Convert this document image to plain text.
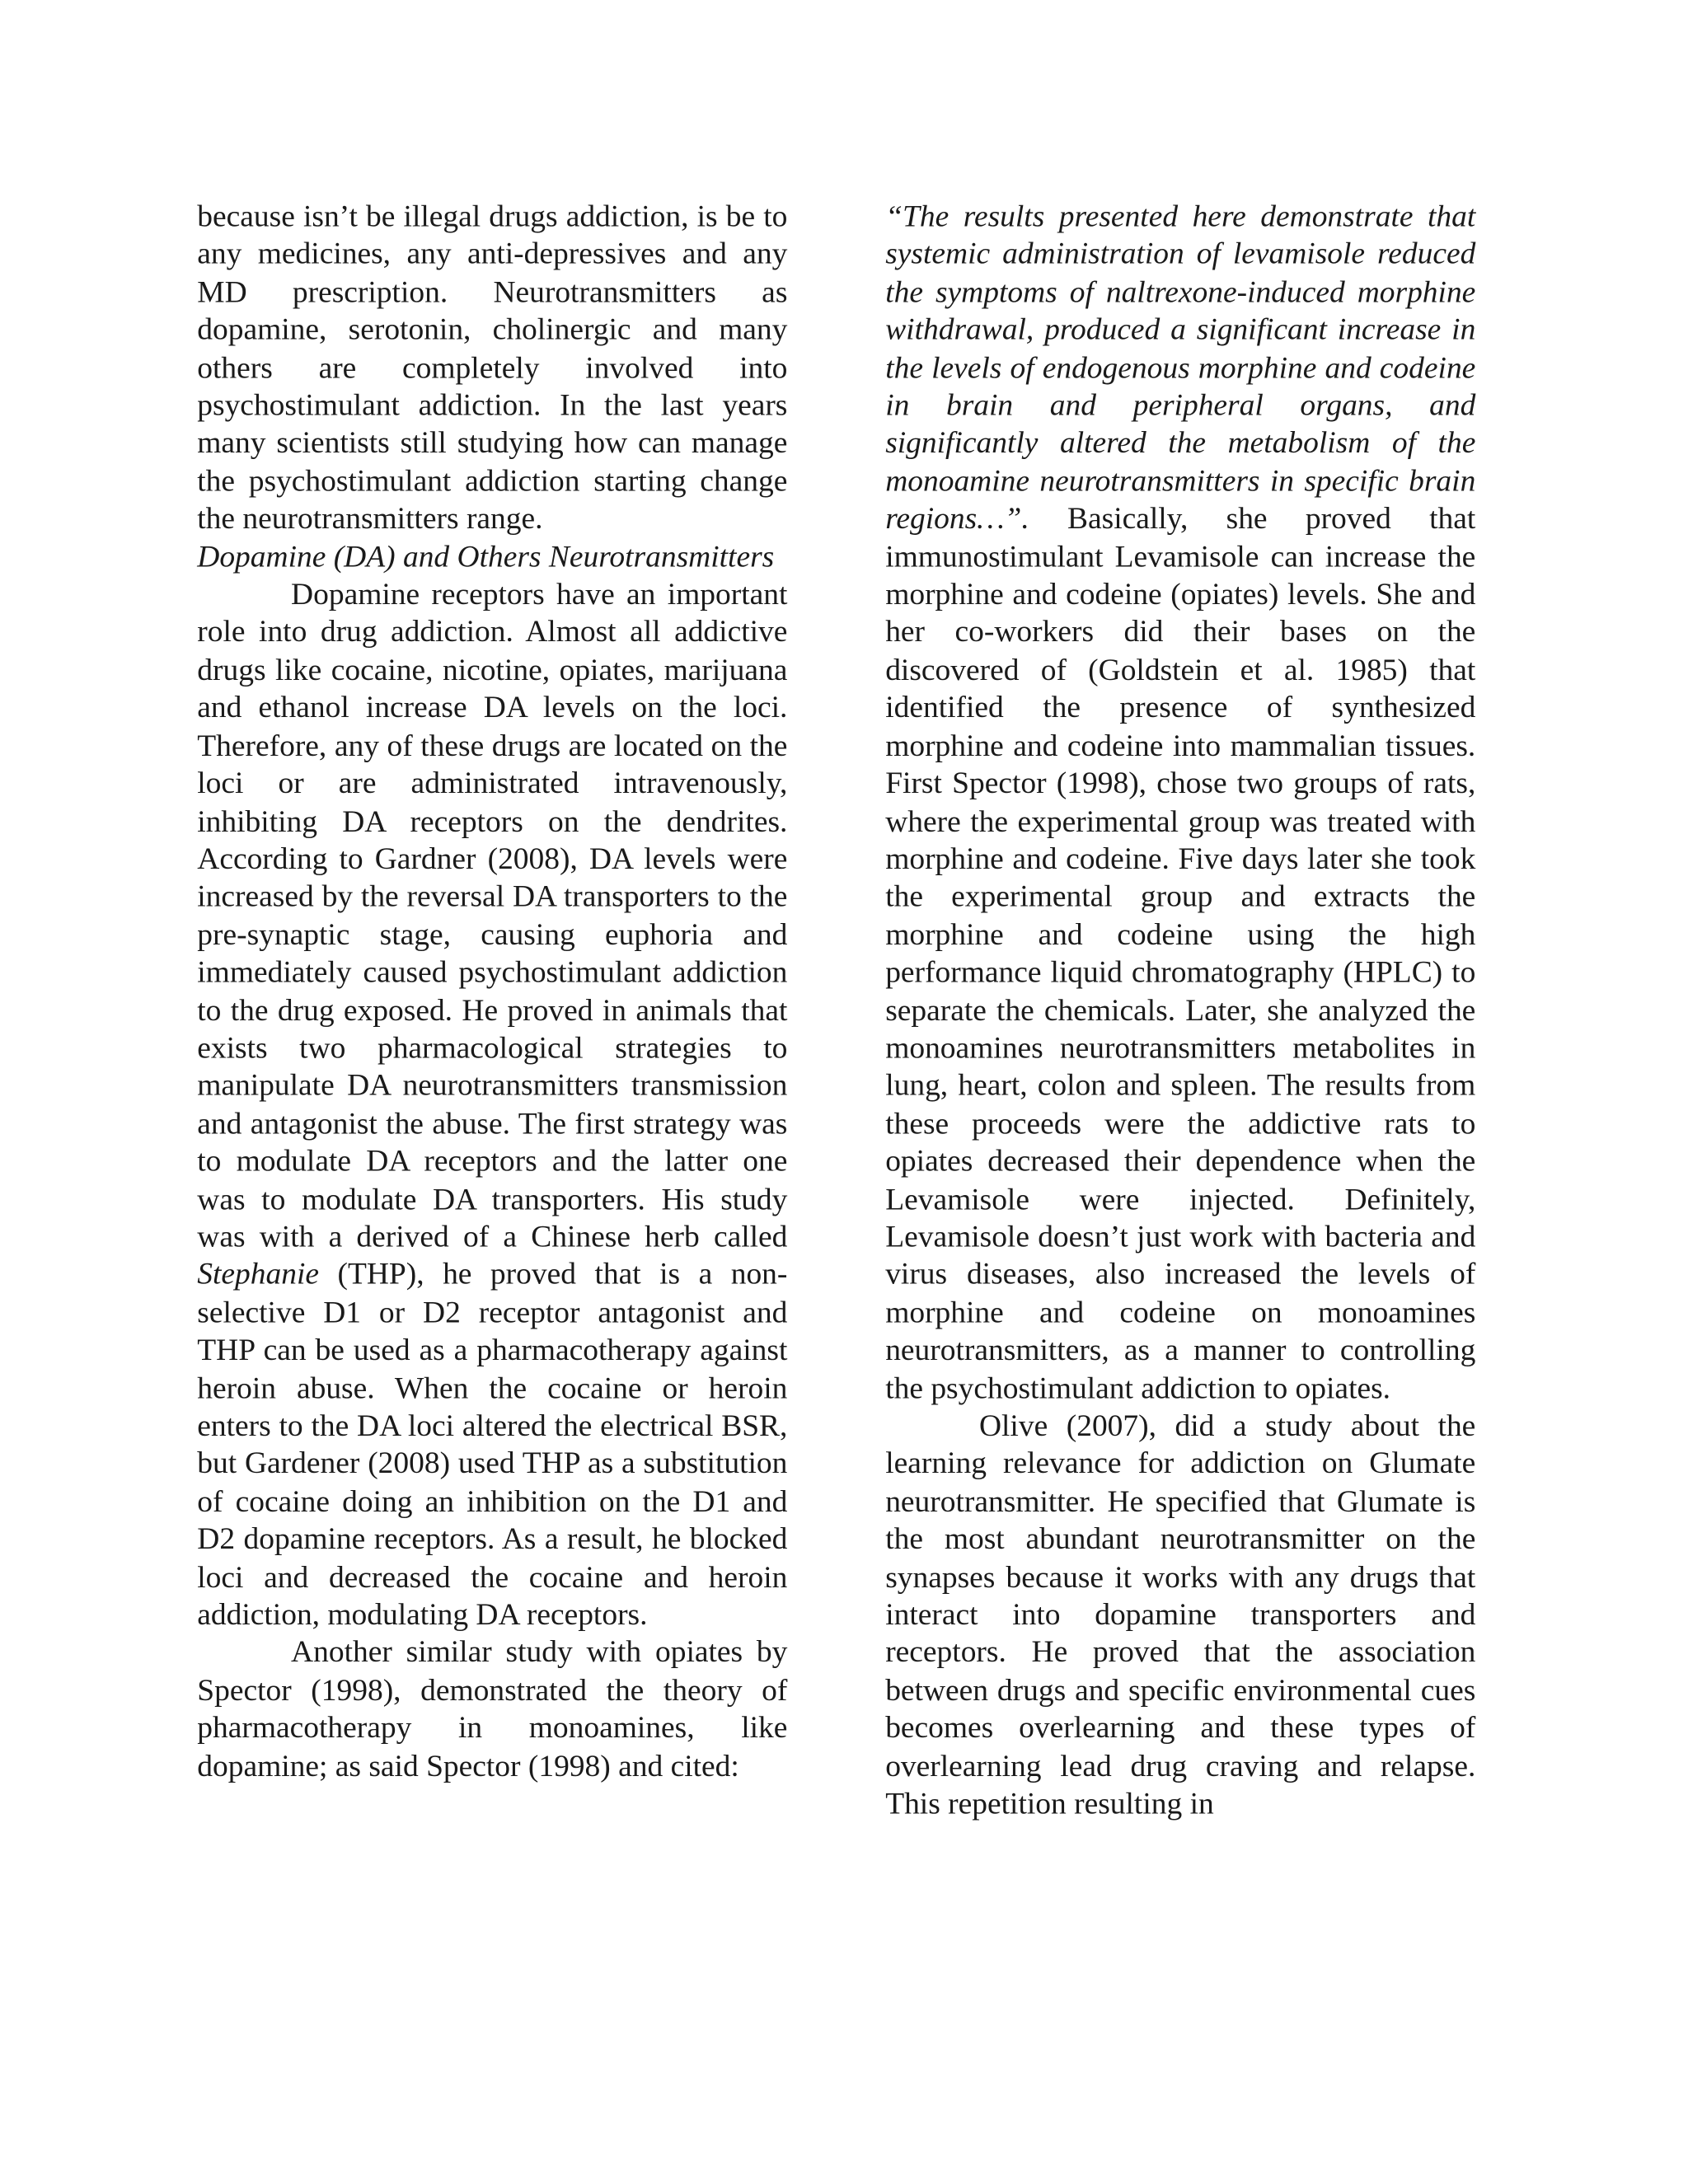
because isn’t be illegal drugs addiction, is be to any medicines, any anti-depressives and any MD prescription. Neurotransmitters as dopamine, serotonin, cholinergic and many others are completely involved into psychostimulant addiction. In the last years many scientists still studying how can manage the psychostimulant addiction starting change the neurotransmitters range.

Dopamine (DA) and Others Neurotransmitters

Dopamine receptors have an important role into drug addiction. Almost all addictive drugs like cocaine, nicotine, opiates, marijuana and ethanol increase DA levels on the loci. Therefore, any of these drugs are located on the loci or are administrated intravenously, inhibiting DA receptors on the dendrites. According to Gardner (2008), DA levels were increased by the reversal DA transporters to the pre-synaptic stage, causing euphoria and immediately caused psychostimulant addiction to the drug exposed. He proved in animals that exists two pharmacological strategies to manipulate DA neurotransmitters transmission and antagonist the abuse. The first strategy was to modulate DA receptors and the latter one was to modulate DA transporters. His study was with a derived of a Chinese herb called Stephanie (THP), he proved that is a non-selective D1 or D2 receptor antagonist and THP can be used as a pharmacotherapy against heroin abuse. When the cocaine or heroin enters to the DA loci altered the electrical BSR, but Gardener (2008) used THP as a substitution of cocaine doing an inhibition on the D1 and D2 dopamine receptors. As a result, he blocked loci and decreased the cocaine and heroin addiction, modulating DA receptors.

Another similar study with opiates by Spector (1998), demonstrated the theory of pharmacotherapy in monoamines, like dopamine; as said Spector (1998) and cited:

“The results presented here demonstrate that systemic administration of levamisole reduced the symptoms of naltrexone-induced morphine withdrawal, produced a significant increase in the levels of endogenous morphine and codeine in brain and peripheral organs, and significantly altered the metabolism of the monoamine neurotransmitters in specific brain regions…”. Basically, she proved that immunostimulant Levamisole can increase the morphine and codeine (opiates) levels. She and her co-workers did their bases on the discovered of (Goldstein et al. 1985) that identified the presence of synthesized morphine and codeine into mammalian tissues. First Spector (1998), chose two groups of rats, where the experimental group was treated with morphine and codeine. Five days later she took the experimental group and extracts the morphine and codeine using the high performance liquid chromatography (HPLC) to separate the chemicals. Later, she analyzed the monoamines neurotransmitters metabolites in lung, heart, colon and spleen. The results from these proceeds were the addictive rats to opiates decreased their dependence when the Levamisole were injected. Definitely, Levamisole doesn’t just work with bacteria and virus diseases, also increased the levels of morphine and codeine on monoamines neurotransmitters, as a manner to controlling the psychostimulant addiction to opiates.

Olive (2007), did a study about the learning relevance for addiction on Glumate neurotransmitter. He specified that Glumate is the most abundant neurotransmitter on the synapses because it works with any drugs that interact into dopamine transporters and receptors. He proved that the association between drugs and specific environmental cues becomes overlearning and these types of overlearning lead drug craving and relapse. This repetition resulting in
